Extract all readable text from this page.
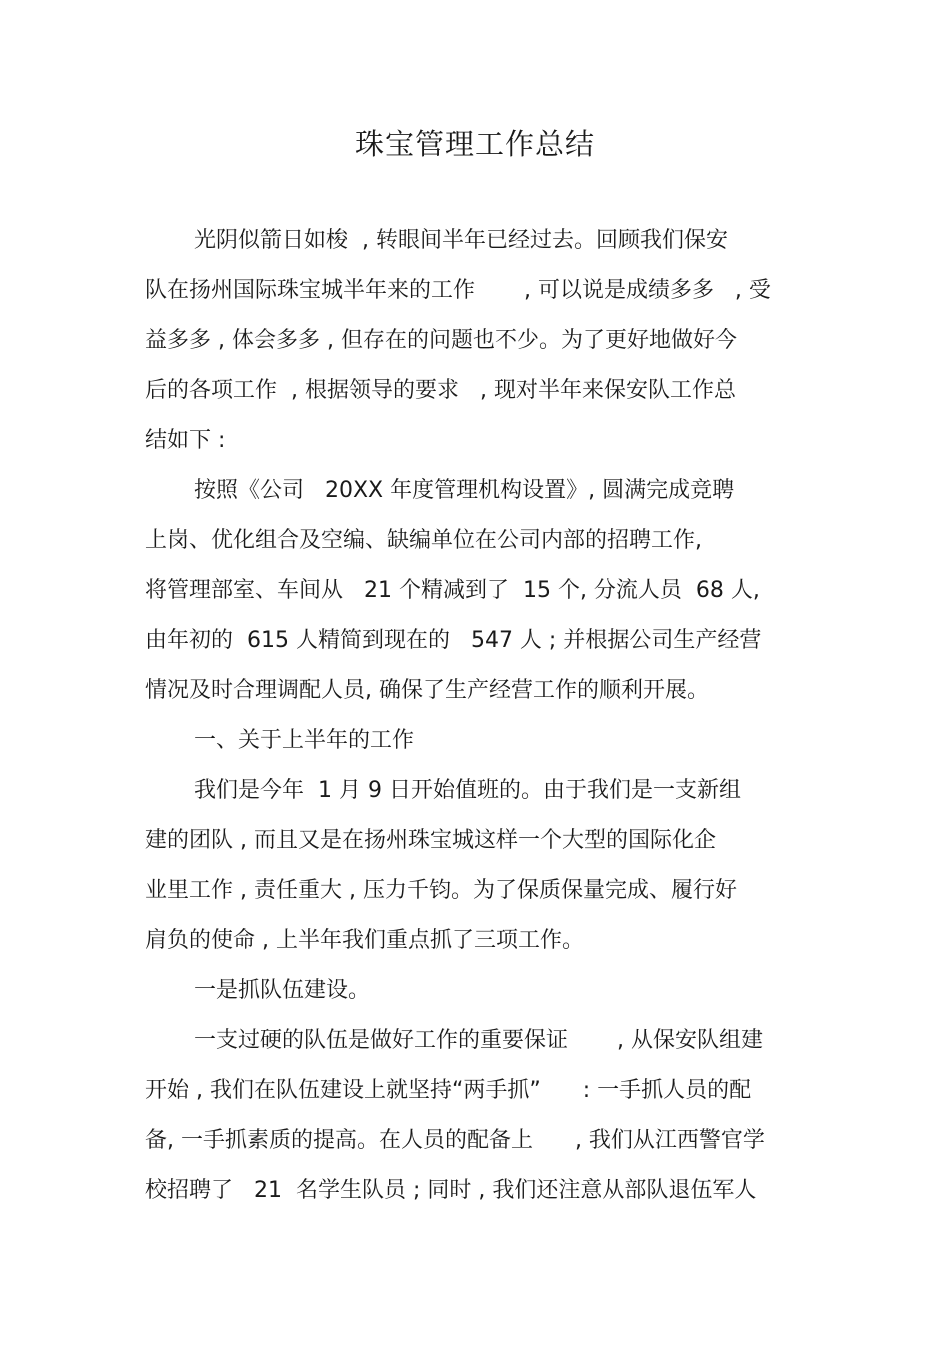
珠宝管理工作总结
光阴似箭日如梭  , 转眼间半年已经过去。回顾我们保安
队在扬州国际珠宝城半年来的工作       , 可以说是成绩多多   , 受
益多多 , 体会多多 , 但存在的问题也不少。为了更好地做好今
后的各项工作  , 根据领导的要求   , 现对半年来保安队工作总
结如下 :
按照《公司   20XX 年度管理机构设置》, 圆满完成竞聘
上岗、优化组合及空编、缺编单位在公司内部的招聘工作,
将管理部室、车间从   21 个精减到了  15 个, 分流人员  68 人,
由年初的  615 人精简到现在的   547 人 ; 并根据公司生产经营
情况及时合理调配人员, 确保了生产经营工作的顺利开展。
一、关于上半年的工作
我们是今年  1 月 9 日开始值班的。由于我们是一支新组
建的团队 , 而且又是在扬州珠宝城这样一个大型的国际化企
业里工作 , 责任重大 , 压力千钧。为了保质保量完成、履行好
肩负的使命 , 上半年我们重点抓了三项工作。
一是抓队伍建设。
一支过硬的队伍是做好工作的重要保证       , 从保安队组建
开始 , 我们在队伍建设上就坚持“两手抓”      : 一手抓人员的配
备, 一手抓素质的提高。在人员的配备上      , 我们从江西警官学
校招聘了   21  名学生队员 ; 同时 , 我们还注意从部队退伍军人
